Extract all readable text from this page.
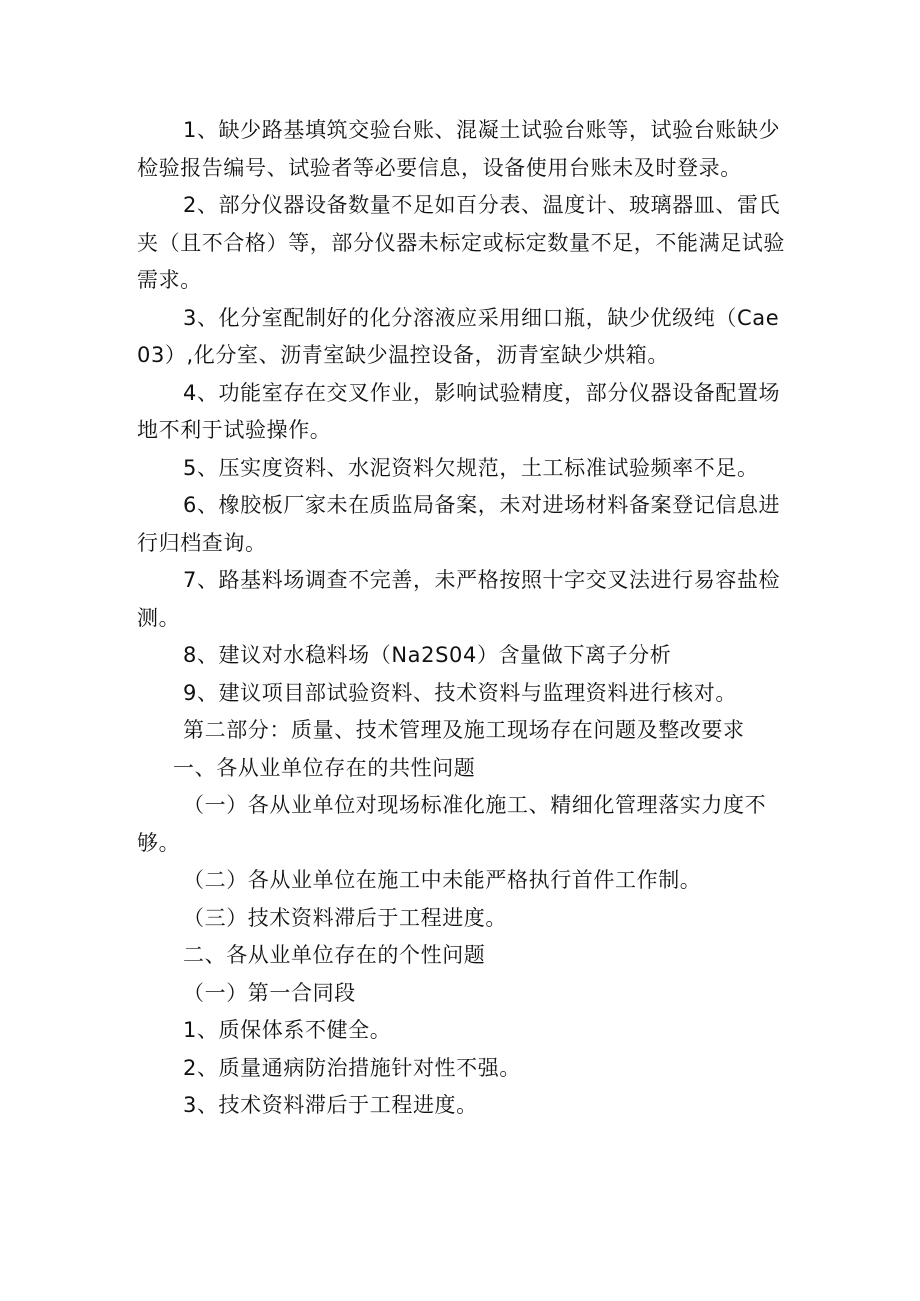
1、缺少路基填筑交验台账、混凝土试验台账等，试验台账缺少检验报告编号、试验者等必要信息，设备使用台账未及时登录。

2、部分仪器设备数量不足如百分表、温度计、玻璃器皿、雷氏夹（且不合格）等，部分仪器未标定或标定数量不足，不能满足试验需求。

3、化分室配制好的化分溶液应采用细口瓶，缺少优级纯（Cae03）,化分室、沥青室缺少温控设备，沥青室缺少烘箱。

4、功能室存在交叉作业，影响试验精度，部分仪器设备配置场地不利于试验操作。

5、压实度资料、水泥资料欠规范，土工标准试验频率不足。

6、橡胶板厂家未在质监局备案，未对进场材料备案登记信息进行归档查询。

7、路基料场调查不完善，未严格按照十字交叉法进行易容盐检测。

8、建议对水稳料场（Na2S04）含量做下离子分析

9、建议项目部试验资料、技术资料与监理资料进行核对。

第二部分：质量、技术管理及施工现场存在问题及整改要求

一、各从业单位存在的共性问题

（一）各从业单位对现场标准化施工、精细化管理落实力度不够。

（二）各从业单位在施工中未能严格执行首件工作制。

（三）技术资料滞后于工程进度。

二、各从业单位存在的个性问题

（一）第一合同段

1、质保体系不健全。

2、质量通病防治措施针对性不强。

3、技术资料滞后于工程进度。
